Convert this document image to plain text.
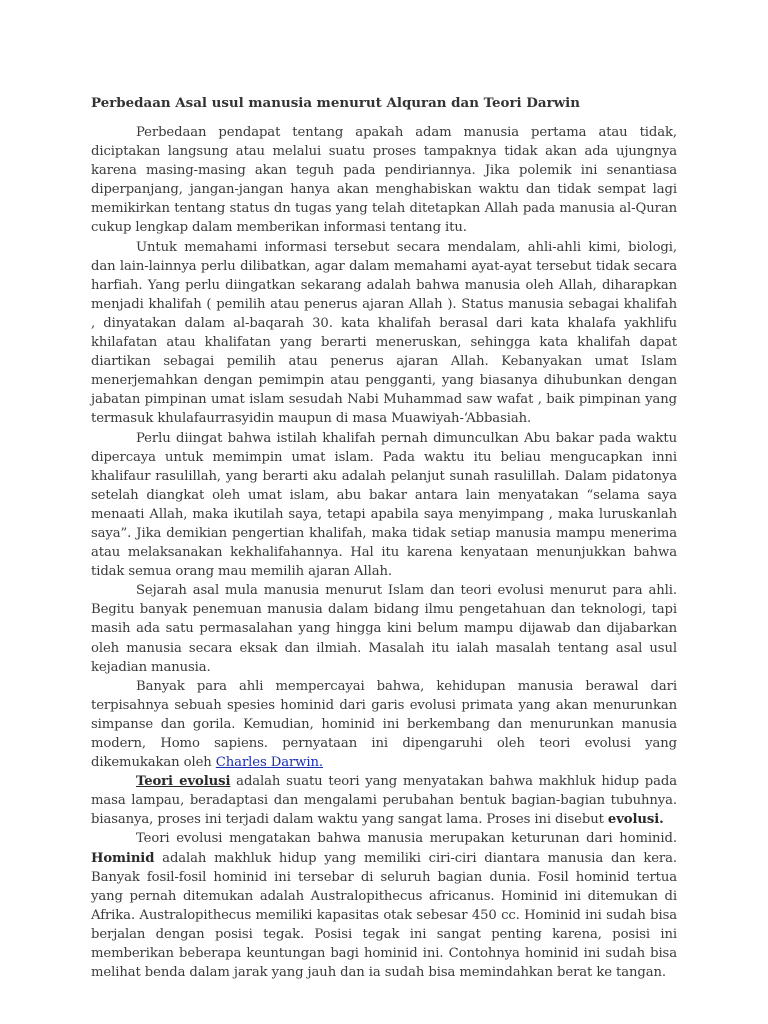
Perbedaan Asal usul manusia menurut Alquran dan Teori Darwin

Perbedaan pendapat tentang apakah adam manusia pertama atau tidak, diciptakan langsung atau melalui suatu proses tampaknya tidak akan ada ujungnya karena masing-masing akan teguh pada pendiriannya. Jika polemik ini senantiasa diperpanjang, jangan-jangan hanya akan menghabiskan waktu dan tidak sempat lagi memikirkan tentang status dn tugas yang telah ditetapkan Allah pada manusia al-Quran cukup lengkap dalam memberikan informasi tentang itu.

Untuk memahami informasi tersebut secara mendalam, ahli-ahli kimi, biologi, dan lain-lainnya perlu dilibatkan, agar dalam memahami ayat-ayat tersebut tidak secara harfiah. Yang perlu diingatkan sekarang adalah bahwa manusia oleh Allah, diharapkan menjadi khalifah ( pemilih atau penerus ajaran Allah ). Status manusia sebagai khalifah , dinyatakan dalam al-baqarah 30. kata khalifah berasal dari kata khalafa yakhlifu khilafatan atau khalifatan yang berarti meneruskan, sehingga kata khalifah dapat diartikan sebagai pemilih atau penerus ajaran Allah. Kebanyakan umat Islam menerjemahkan dengan pemimpin atau pengganti, yang biasanya dihubunkan dengan jabatan pimpinan umat islam sesudah Nabi Muhammad saw wafat , baik pimpinan yang termasuk khulafaurrasyidin maupun di masa Muawiyah-‘Abbasiah.

Perlu diingat bahwa istilah khalifah pernah dimunculkan Abu bakar pada waktu dipercaya untuk memimpin umat islam. Pada waktu itu beliau mengucapkan inni khalifaur rasulillah, yang berarti aku adalah pelanjut sunah rasulillah. Dalam pidatonya setelah diangkat oleh umat islam, abu bakar antara lain menyatakan “selama saya menaati Allah, maka ikutilah saya, tetapi apabila saya menyimpang , maka luruskanlah saya”. Jika demikian pengertian khalifah, maka tidak setiap manusia mampu menerima atau melaksanakan kekhalifahannya. Hal itu karena kenyataan menunjukkan bahwa tidak semua orang mau memilih ajaran Allah.

Sejarah asal mula manusia menurut Islam dan teori evolusi menurut para ahli. Begitu banyak penemuan manusia dalam bidang ilmu pengetahuan dan teknologi, tapi masih ada satu permasalahan yang hingga kini belum mampu dijawab dan dijabarkan oleh manusia secara eksak dan ilmiah. Masalah itu ialah masalah tentang asal usul kejadian manusia.

Banyak para ahli mempercayai bahwa, kehidupan manusia berawal dari terpisahnya sebuah spesies hominid dari garis evolusi primata yang akan menurunkan simpanse dan gorila. Kemudian, hominid ini berkembang dan menurunkan manusia modern, Homo sapiens. pernyataan ini dipengaruhi oleh teori evolusi yang dikemukakan oleh Charles Darwin.

Teori evolusi adalah suatu teori yang menyatakan bahwa makhluk hidup pada masa lampau, beradaptasi dan mengalami perubahan bentuk bagian-bagian tubuhnya. biasanya, proses ini terjadi dalam waktu yang sangat lama. Proses ini disebut evolusi.

Teori evolusi mengatakan bahwa manusia merupakan keturunan dari hominid. Hominid adalah makhluk hidup yang memiliki ciri-ciri diantara manusia dan kera. Banyak fosil-fosil hominid ini tersebar di seluruh bagian dunia. Fosil hominid tertua yang pernah ditemukan adalah Australopithecus africanus. Hominid ini ditemukan di Afrika. Australopithecus memiliki kapasitas otak sebesar 450 cc. Hominid ini sudah bisa berjalan dengan posisi tegak. Posisi tegak ini sangat penting karena, posisi ini memberikan beberapa keuntungan bagi hominid ini. Contohnya hominid ini sudah bisa melihat benda dalam jarak yang jauh dan ia sudah bisa memindahkan berat ke tangan.
